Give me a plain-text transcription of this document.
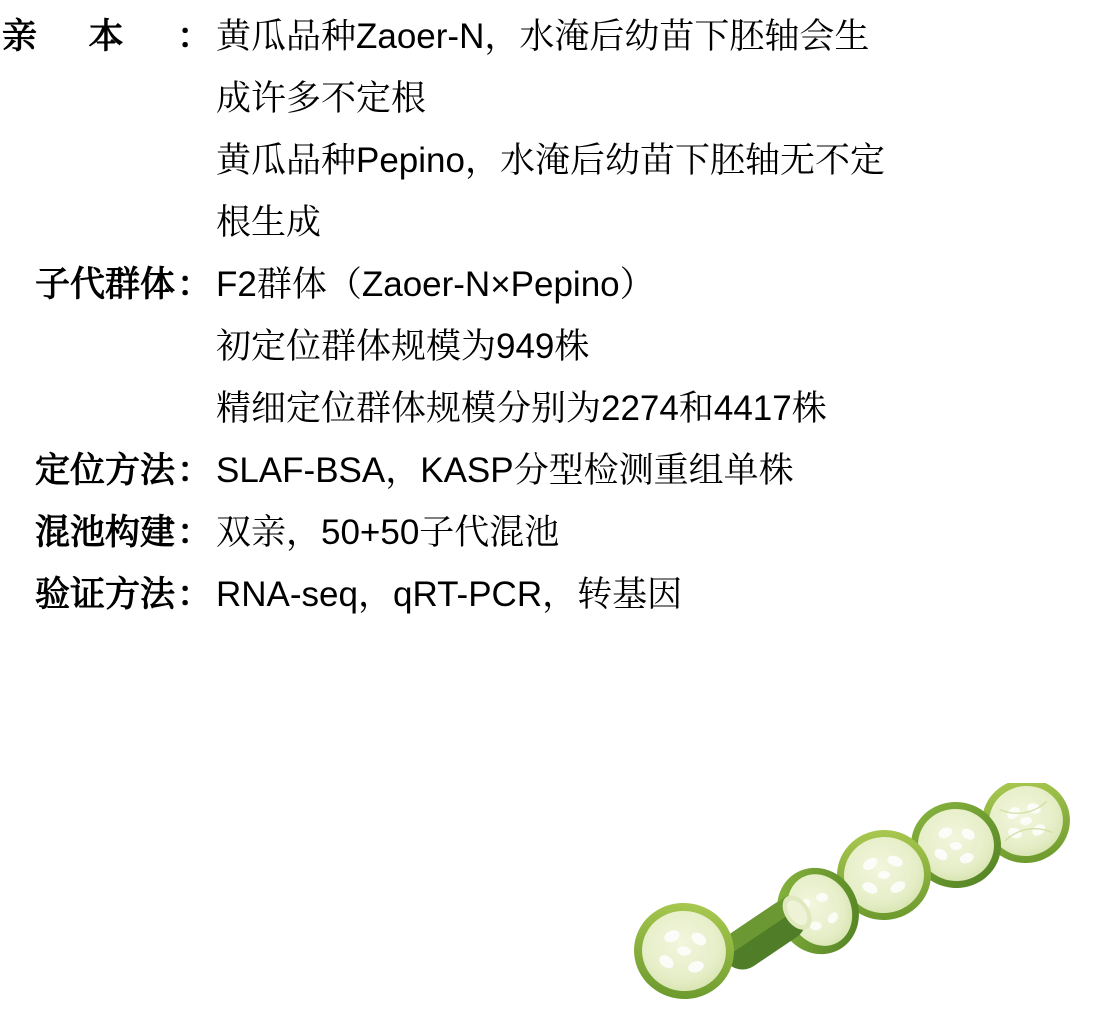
亲 本 ： 黄瓜品种Zaoer-N，水淹后幼苗下胚轴会生
成许多不定根
黄瓜品种Pepino，水淹后幼苗下胚轴无不定
根生成
子代群体 ： F2群体（Zaoer-N×Pepino）
初定位群体规模为949株
精细定位群体规模分别为2274和4417株
定位方法 ： SLAF-BSA，KASP分型检测重组单株
混池构建 ： 双亲，50+50子代混池
验证方法 ： RNA-seq，qRT-PCR，转基因
